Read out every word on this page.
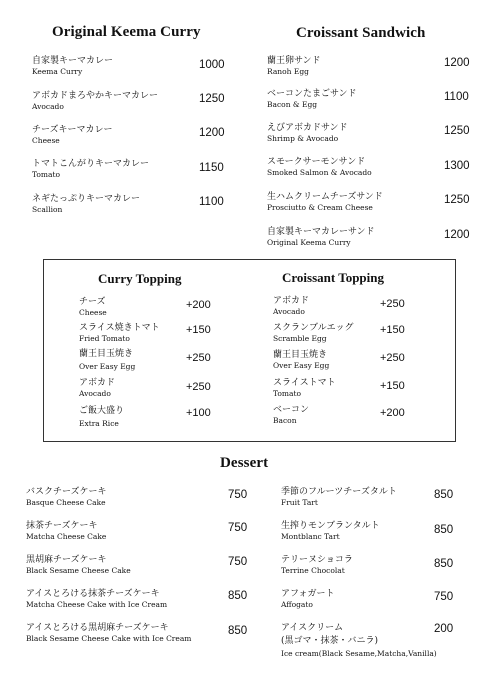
Original Keema Curry	Croissant Sandwich
自家製キーマカレー
Keema Curry
1000
アボカドまろやかキーマカレー
Avocado
1250
チーズキーマカレー
Cheese
1200
トマトこんがりキーマカレー
Tomato
1150
ネギたっぷりキーマカレー
Scallion
1100
蘭王卵サンド
Ranoh Egg
1200
ベーコンたまごサンド
Bacon & Egg
1100
えびアボカドサンド
Shrimp & Avocado
1250
スモークサーモンサンド
Smoked Salmon & Avocado
1300
生ハムクリームチーズサンド
Prosciutto & Cream Cheese
1250
自家製キーマカレーサンド
Original Keema Curry
1200
Curry Topping	Croissant Topping
チーズ
Cheese
+200
スライス焼きトマト
Fried Tomato
+150
蘭王目玉焼き
Over Easy Egg
+250
アボカド
Avocado
+250
ご飯大盛り
Extra Rice
+100
アボカド
Avocado
+250
スクランブルエッグ
Scramble Egg
+150
蘭王目玉焼き
Over Easy Egg
+250
スライストマト
Tomato
+150
ベーコン
Bacon
+200
Dessert
バスクチーズケーキ
Basque Cheese Cake
750
抹茶チーズケーキ
Matcha Cheese Cake
750
黒胡麻チーズケーキ
Black Sesame Cheese Cake
750
アイスとろける抹茶チーズケーキ
Matcha Cheese Cake with Ice Cream
850
アイスとろける黒胡麻チーズケーキ
Black Sesame Cheese Cake with Ice Cream
850
季節のフルーツチーズタルト
Fruit Tart
850
生搾りモンブランタルト
Montblanc Tart
850
テリーヌショコラ
Terrine Chocolat
850
アフォガート
Affogato
750
アイスクリーム
(黒ゴマ・抹茶・バニラ)
Ice cream(Black Sesame,Matcha,Vanilla)
200
